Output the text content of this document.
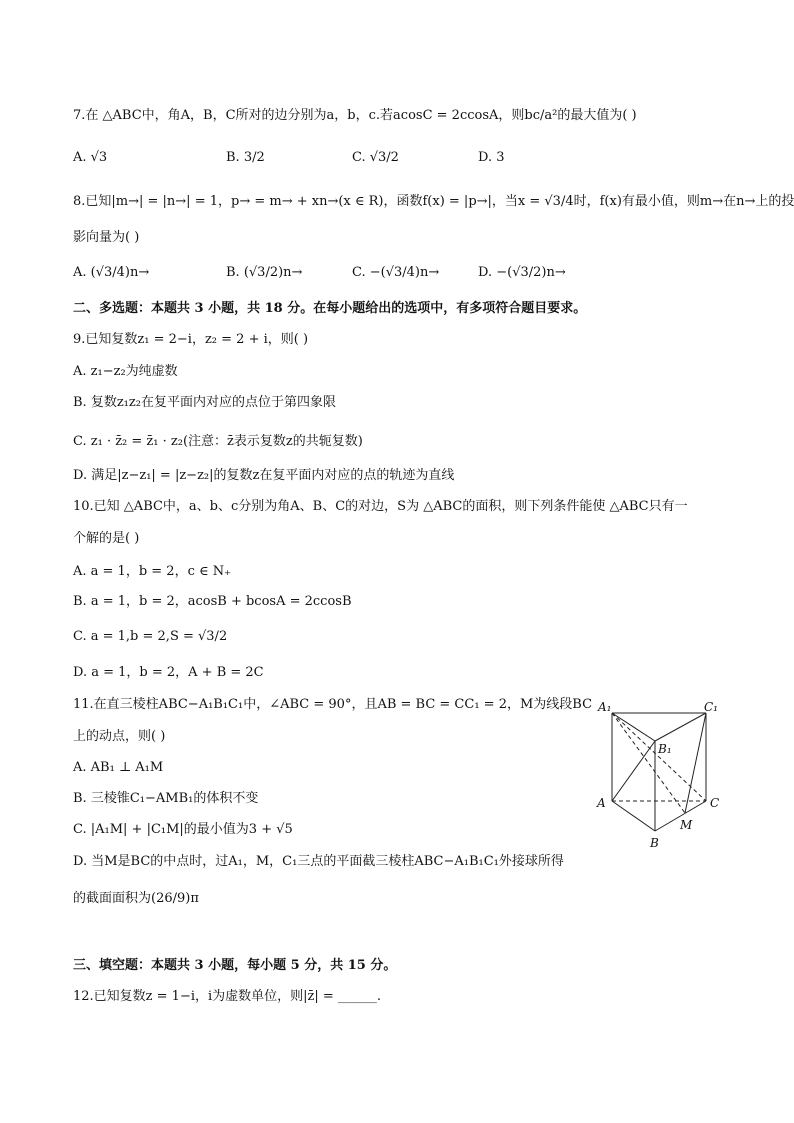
7.在 △ABC中，角A，B，C所对的边分别为a，b，c.若acosC = 2ccosA，则bc/a²的最大值为( )
A. √3	B. 3/2	C. √3/2	D. 3
8.已知|m→| = |n→| = 1，p→ = m→ + xn→(x ∈ R)，函数f(x) = |p→|，当x = √3/4时，f(x)有最小值，则m→在n→上的投
影向量为( )
A. (√3/4)n→	B. (√3/2)n→	C. −(√3/4)n→	D. −(√3/2)n→
二、多选题：本题共 3 小题，共 18 分。在每小题给出的选项中，有多项符合题目要求。
9.已知复数z₁ = 2−i，z₂ = 2 + i，则( )
A. z₁−z₂为纯虚数
B. 复数z₁z₂在复平面内对应的点位于第四象限
C. z₁ · z̄₂ = z̄₁ · z₂(注意：z̄表示复数z的共轭复数)
D. 满足|z−z₁| = |z−z₂|的复数z在复平面内对应的点的轨迹为直线
10.已知 △ABC中，a、b、c分别为角A、B、C的对边，S为 △ABC的面积，则下列条件能使 △ABC只有一
个解的是( )
A. a = 1，b = 2，c ∈ N₊
B. a = 1，b = 2，acosB + bcosA = 2ccosB
C. a = 1,b = 2,S = √3/2
D. a = 1，b = 2，A + B = 2C
11.在直三棱柱ABC−A₁B₁C₁中，∠ABC = 90°，且AB = BC = CC₁ = 2，M为线段BC
上的动点，则( )
A. AB₁ ⊥ A₁M
B. 三棱锥C₁−AMB₁的体积不变
C. |A₁M| + |C₁M|的最小值为3 + √5
D. 当M是BC的中点时，过A₁，M，C₁三点的平面截三棱柱ABC−A₁B₁C₁外接球所得
的截面面积为(26/9)π
A₁	C₁
B₁
A	C
M
B
三、填空题：本题共 3 小题，每小题 5 分，共 15 分。
12.已知复数z = 1−i，i为虚数单位，则|z̄| = ______.
